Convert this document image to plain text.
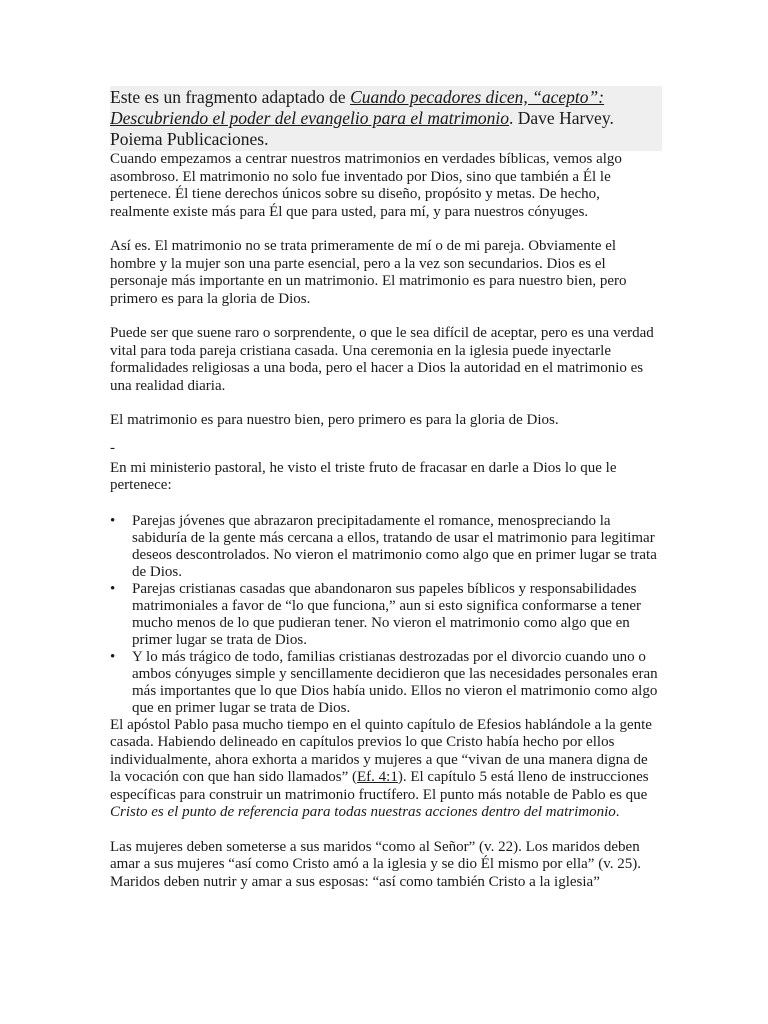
Este es un fragmento adaptado de Cuando pecadores dicen, “acepto”: Descubriendo el poder del evangelio para el matrimonio. Dave Harvey. Poiema Publicaciones.

Cuando empezamos a centrar nuestros matrimonios en verdades bíblicas, vemos algo asombroso. El matrimonio no solo fue inventado por Dios, sino que también a Él le pertenece. Él tiene derechos únicos sobre su diseño, propósito y metas. De hecho, realmente existe más para Él que para usted, para mí, y para nuestros cónyuges.

Así es. El matrimonio no se trata primeramente de mí o de mi pareja. Obviamente el hombre y la mujer son una parte esencial, pero a la vez son secundarios. Dios es el personaje más importante en un matrimonio. El matrimonio es para nuestro bien, pero primero es para la gloria de Dios.

Puede ser que suene raro o sorprendente, o que le sea difícil de aceptar, pero es una verdad vital para toda pareja cristiana casada. Una ceremonia en la iglesia puede inyectarle formalidades religiosas a una boda, pero el hacer a Dios la autoridad en el matrimonio es una realidad diaria.

El matrimonio es para nuestro bien, pero primero es para la gloria de Dios.

-

En mi ministerio pastoral, he visto el triste fruto de fracasar en darle a Dios lo que le pertenece:

• Parejas jóvenes que abrazaron precipitadamente el romance, menospreciando la sabiduría de la gente más cercana a ellos, tratando de usar el matrimonio para legitimar deseos descontrolados. No vieron el matrimonio como algo que en primer lugar se trata de Dios.
• Parejas cristianas casadas que abandonaron sus papeles bíblicos y responsabilidades matrimoniales a favor de “lo que funciona,” aun si esto significa conformarse a tener mucho menos de lo que pudieran tener. No vieron el matrimonio como algo que en primer lugar se trata de Dios.
• Y lo más trágico de todo, familias cristianas destrozadas por el divorcio cuando uno o ambos cónyuges simple y sencillamente decidieron que las necesidades personales eran más importantes que lo que Dios había unido. Ellos no vieron el matrimonio como algo que en primer lugar se trata de Dios.

El apóstol Pablo pasa mucho tiempo en el quinto capítulo de Efesios hablándole a la gente casada. Habiendo delineado en capítulos previos lo que Cristo había hecho por ellos individualmente, ahora exhorta a maridos y mujeres a que “vivan de una manera digna de la vocación con que han sido llamados” (Ef. 4:1). El capítulo 5 está lleno de instrucciones específicas para construir un matrimonio fructífero. El punto más notable de Pablo es que Cristo es el punto de referencia para todas nuestras acciones dentro del matrimonio.

Las mujeres deben someterse a sus maridos “como al Señor” (v. 22). Los maridos deben amar a sus mujeres “así como Cristo amó a la iglesia y se dio Él mismo por ella” (v. 25). Maridos deben nutrir y amar a sus esposas: “así como también Cristo a la iglesia”
